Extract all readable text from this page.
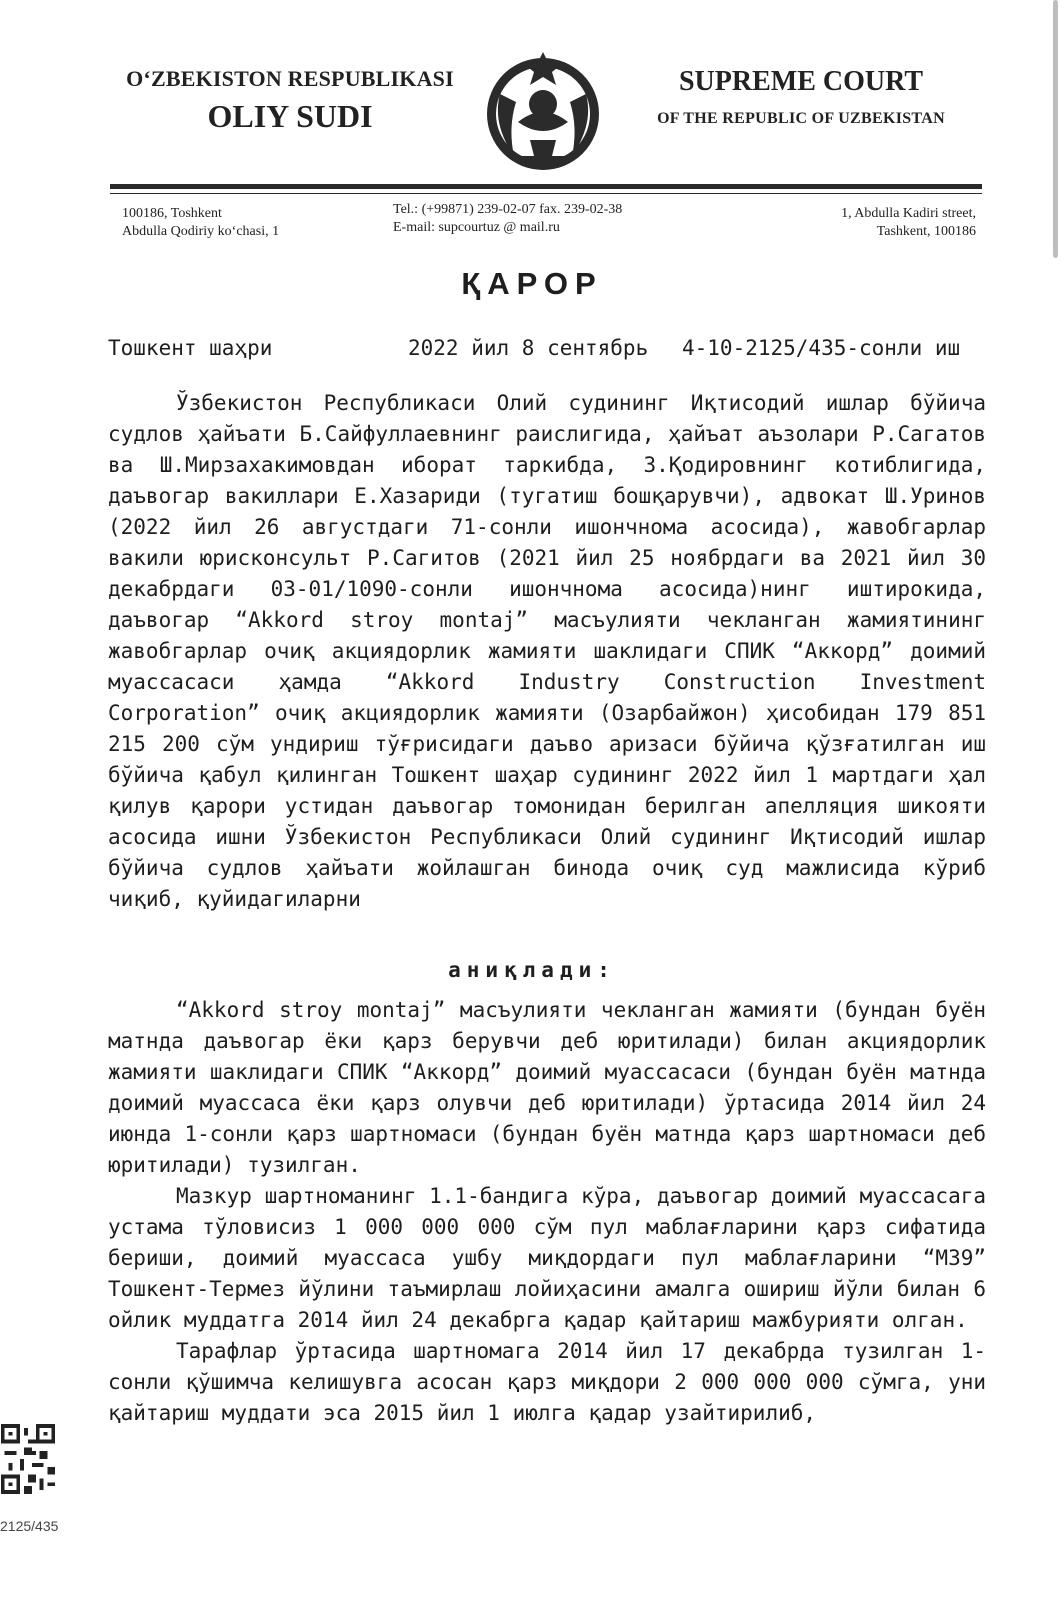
O‘ZBEKISTON RESPUBLIKASI
OLIY SUDI
SUPREME COURT
OF THE REPUBLIC OF UZBEKISTAN
100186, Toshkent
Abdulla Qodiriy ko‘chasi, 1
Tel.: (+99871) 239-02-07 fax. 239-02-38
E-mail: supcourtuz @ mail.ru
1, Abdulla Kadiri street,
Tashkent, 100186
ҚАРОР
Тошкент шаҳри	2022 йил 8 сентябрь 4-10-2125/435-сонли иш

Ўзбекистон Республикаси Олий судининг Иқтисодий ишлар бўйича судлов ҳайъати Б.Сайфуллаевнинг раислигида, ҳайъат аъзолари Р.Сагатов ва Ш.Мирзахакимовдан иборат таркибда, З.Қодировнинг котиблигида, даъвогар вакиллари Е.Хазариди (тугатиш бошқарувчи), адвокат Ш.Уринов (2022 йил 26 августдаги 71-сонли ишончнома асосида), жавобгарлар вакили юрисконсульт Р.Сагитов (2021 йил 25 ноябрдаги ва 2021 йил 30 декабрдаги 03-01/1090-сонли ишончнома асосида)нинг иштирокида, даъвогар “Akkord stroy montaj” масъулияти чекланган жамиятининг жавобгарлар очиқ акциядорлик жамияти шаклидаги СПИК “Аккорд” доимий муассасаси ҳамда “Akkord Industry Construction Investment Corporation” очиқ акциядорлик жамияти (Озарбайжон) ҳисобидан 179 851 215 200 сўм ундириш тўғрисидаги даъво аризаси бўйича қўзғатилган иш бўйича қабул қилинган Тошкент шаҳар судининг 2022 йил 1 мартдаги ҳал қилув қарори устидан даъвогар томонидан берилган апелляция шикояти асосида ишни Ўзбекистон Республикаси Олий судининг Иқтисодий ишлар бўйича судлов ҳайъати жойлашган бинода очиқ суд мажлисида кўриб чиқиб, қуйидагиларни

аниқлади:

“Akkord stroy montaj” масъулияти чекланган жамияти (бундан буён матнда даъвогар ёки қарз берувчи деб юритилади) билан акциядорлик жамияти шаклидаги СПИК “Аккорд” доимий муассасаси (бундан буён матнда доимий муассаса ёки қарз олувчи деб юритилади) ўртасида 2014 йил 24 июнда 1-сонли қарз шартномаси (бундан буён матнда қарз шартномаси деб юритилади) тузилган.

Мазкур шартноманинг 1.1-бандига кўра, даъвогар доимий муассасага устама тўловисиз 1 000 000 000 сўм пул маблағларини қарз сифатида бериши, доимий муассаса ушбу миқдордаги пул маблағларини “М39” Тошкент-Термез йўлини таъмирлаш лойиҳасини амалга ошириш йўли билан 6 ойлик муддатга 2014 йил 24 декабрга қадар қайтариш мажбурияти олган.

Тарафлар ўртасида шартномага 2014 йил 17 декабрда тузилган 1-сонли қўшимча келишувга асосан қарз миқдори 2 000 000 000 сўмга, уни қайтариш муддати эса 2015 йил 1 июлга қадар узайтирилиб,

2125/435
